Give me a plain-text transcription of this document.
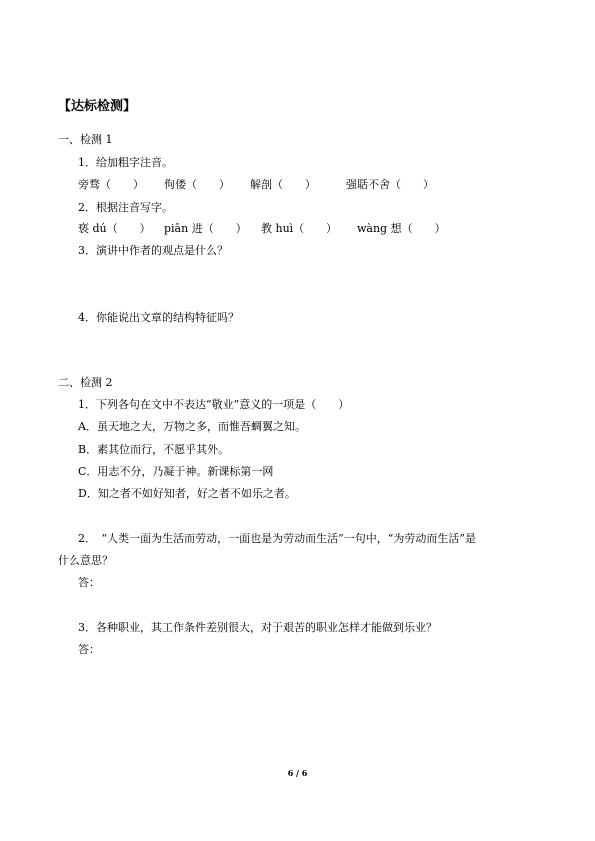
【达标检测】
一、检测 1
1．给加粗字注音。
旁骛（　　） 佝偻（　　） 解剖（　　）	强聒不舍（　　）
2．根据注音写字。
亵 dú（　　） piān 进（　　） 教 huì（　　） wàng 想（　　）
3．演讲中作者的观点是什么？
4．你能说出文章的结构特征吗？
二、检测 2
1．下列各句在文中不表达“敬业”意义的一项是（　　）
A．虽天地之大，万物之多，而惟吾蜩翼之知。
B．素其位而行，不愿乎其外。
C．用志不分，乃凝于神。新课标第一网
D．知之者不如好知者，好之者不如乐之者。
2．　“人类一面为生活而劳动，一面也是为劳动而生活”一句中，“为劳动而生活”是
什么意思？
答：
3．各种职业，其工作条件差别很大，对于艰苦的职业怎样才能做到乐业？
答：
6 / 6
